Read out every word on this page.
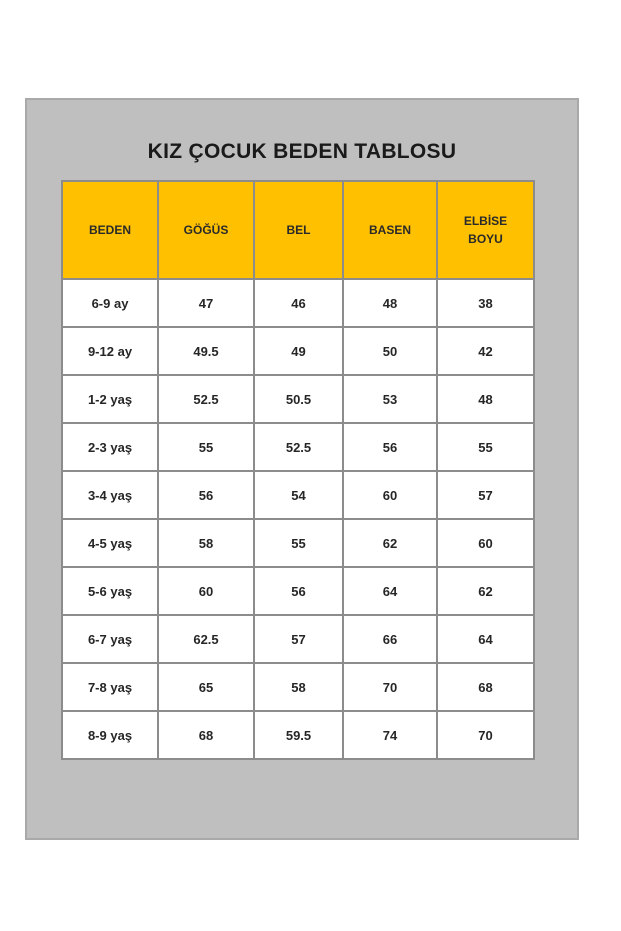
KIZ ÇOCUK BEDEN TABLOSU
BEDEN	GÖĞÜS	BEL	BASEN	ELBİSE
BOYU
6-9 ay	47	46	48	38
9-12 ay	49.5	49	50	42
1-2 yaş	52.5	50.5	53	48
2-3 yaş	55	52.5	56	55
3-4 yaş	56	54	60	57
4-5 yaş	58	55	62	60
5-6 yaş	60	56	64	62
6-7 yaş	62.5	57	66	64
7-8 yaş	65	58	70	68
8-9 yaş	68	59.5	74	70
